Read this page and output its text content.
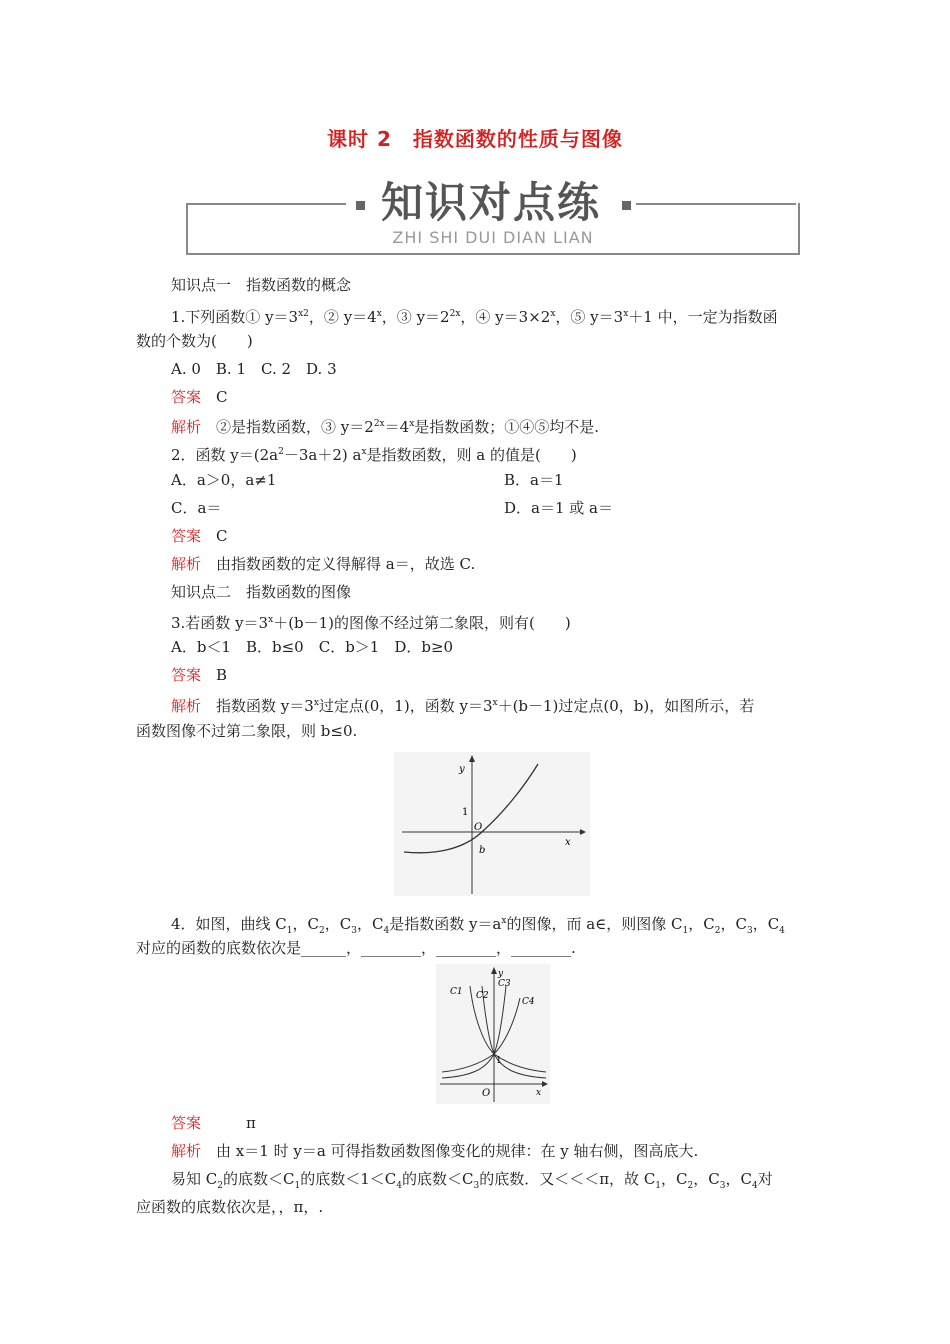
课时 2　指数函数的性质与图像
知识对点练
ZHI SHI DUI DIAN LIAN
知识点一　指数函数的概念
1.下列函数① $y=3^{x2}$，② $y=4^x$，③ $y=2^{2x}$，④ $y=3\times 2^x$，⑤ $y=3^x+1$ 中，一定为指数函
数的个数为(　　)
A. 0　B. 1　C. 2　D. 3
答案　 C
解析　 ②是指数函数，③ $y=2^{2x}=4^x$是指数函数；①④⑤均不是.
2．函数 $y=(2a^2-3a+2)$ $a^x$是指数函数，则 a 的值是(　　)
A．a＞0，a≠1	B．a＝1
C．a＝	D．a＝1 或 a＝
答案　 C
解析　 由指数函数的定义得解得 a＝，故选 C.
知识点二　指数函数的图像
3.若函数 $y=3^x+(b-1)$的图像不经过第二象限，则有(　　)
A．b＜1　B．b≤0　C．b＞1　D．b≥0
答案　 B
解析　 指数函数 $y=3^x$过定点(0，1)，函数 $y=3^x+(b-1)$过定点(0，b)，如图所示，若
函数图像不过第二象限，则 b≤0.
y
x
1
O
b
4．如图，曲线 $C_1$，$C_2$，$C_3$，$C_4$是指数函数 $y=a^x$的图像，而 a∈，则图像 $C_1$，$C_2$，$C_3$，$C_4$
对应的函数的底数依次是______，________，________，________.
y
x
O
1
C1 C2
C3
C4
答案　　　	π
解析　 由 x＝1 时 y＝a 可得指数函数图像变化的规律：在 y 轴右侧，图高底大.
易知 $C_2$的底数$<C_1$的底数$<1<C_4$的底数$<C_3$的底数．又＜＜＜π，故 $C_1$，$C_2$，$C_3$，$C_4$对
应函数的底数依次是，，π，.
